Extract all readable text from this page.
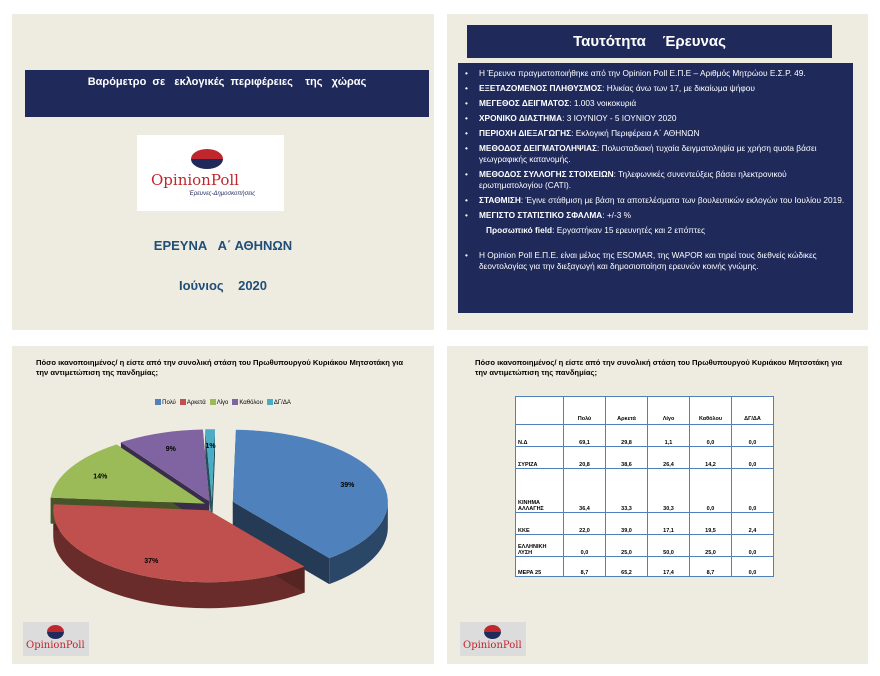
Βαρόμετρο  σε   εκλογικές  περιφέρειες    της   χώρας
OpinionPoll
Έρευνες-Δημοσκοπήσεις
ΕΡΕΥΝΑ   Α΄ ΑΘΗΝΩΝ
Ιούνιος    2020
Ταυτότητα    Έρευνας
• Η Έρευνα πραγματοποιήθηκε από την Opinion Poll Ε.Π.Ε – Αριθμός Μητρώου Ε.Σ.Ρ. 49.
• ΕΞΕΤΑΖΟΜΕΝΟΣ ΠΛΗΘΥΣΜΟΣ: Ηλικίας άνω των 17, με δικαίωμα ψήφου
• ΜΕΓΕΘΟΣ ΔΕΙΓΜΑΤΟΣ: 1.003 νοικοκυριά
• ΧΡΟΝΙΚΟ ΔΙΑΣΤΗΜΑ: 3 ΙΟΥΝΙΟΥ - 5 ΙΟΥΝΙΟΥ 2020
• ΠΕΡΙΟΧΗ ΔΙΕΞΑΓΩΓΗΣ: Εκλογική Περιφέρεια Α΄ ΑΘΗΝΩΝ
• ΜΕΘΟΔΟΣ ΔΕΙΓΜΑΤΟΛΗΨΙΑΣ: Πολυσταδιακή τυχαία δειγματοληψία με χρήση quota βάσει γεωγραφικής κατανομής.
• ΜΕΘΟΔΟΣ ΣΥΛΛΟΓΗΣ ΣΤΟΙΧΕΙΩΝ: Τηλεφωνικές συνεντεύξεις βάσει ηλεκτρονικού ερωτηματολογίου (CATI).
• ΣΤΑΘΜΙΣΗ: Έγινε στάθμιση με βάση τα αποτελέσματα των βουλευτικών εκλογών του Ιουλίου 2019.
• ΜΕΓΙΣΤΟ ΣΤΑΤΙΣΤΙΚΟ ΣΦΑΛΜΑ: +/-3 %
Προσωπικό field: Εργαστήκαν 15 ερευνητές και 2 επόπτες
• Η Opinion Poll Ε.Π.Ε. είναι μέλος της ESOMAR, της WAPOR και τηρεί τους διεθνείς κώδικες δεοντολογίας για την διεξαγωγή και δημοσιοποίηση ερευνών κοινής γνώμης.
Πόσο ικανοποιημένος/ η είστε από την συνολική στάση του Πρωθυπουργού Κυριάκου Μητσοτάκη για την αντιμετώπιση της πανδημίας;
Πολύ Αρκετά Λίγο Καθόλου ΔΓ/ΔΑ
39%
37%
14%
9%	1%
OpinionPoll
Πόσο ικανοποιημένος/ η είστε από την συνολική στάση του Πρωθυπουργού Κυριάκου Μητσοτάκη για την αντιμετώπιση της πανδημίας;
	Πολύ	Αρκετά	Λίγο	Καθόλου	ΔΓ/ΔΑ
Ν.Δ	69,1	29,8	1,1	0,0	0,0
ΣΥΡΙΖΑ	20,8	38,6	26,4	14,2	0,0
ΚΙΝΗΜΑ ΑΛΛΑΓΗΣ	36,4	33,3	30,3	0,0	0,0
ΚΚΕ	22,0	39,0	17,1	19,5	2,4
ΕΛΛΗΝΙΚΗ ΛΥΣΗ	0,0	25,0	50,0	25,0	0,0
ΜΕΡΑ 25	8,7	65,2	17,4	8,7	0,0
OpinionPoll
